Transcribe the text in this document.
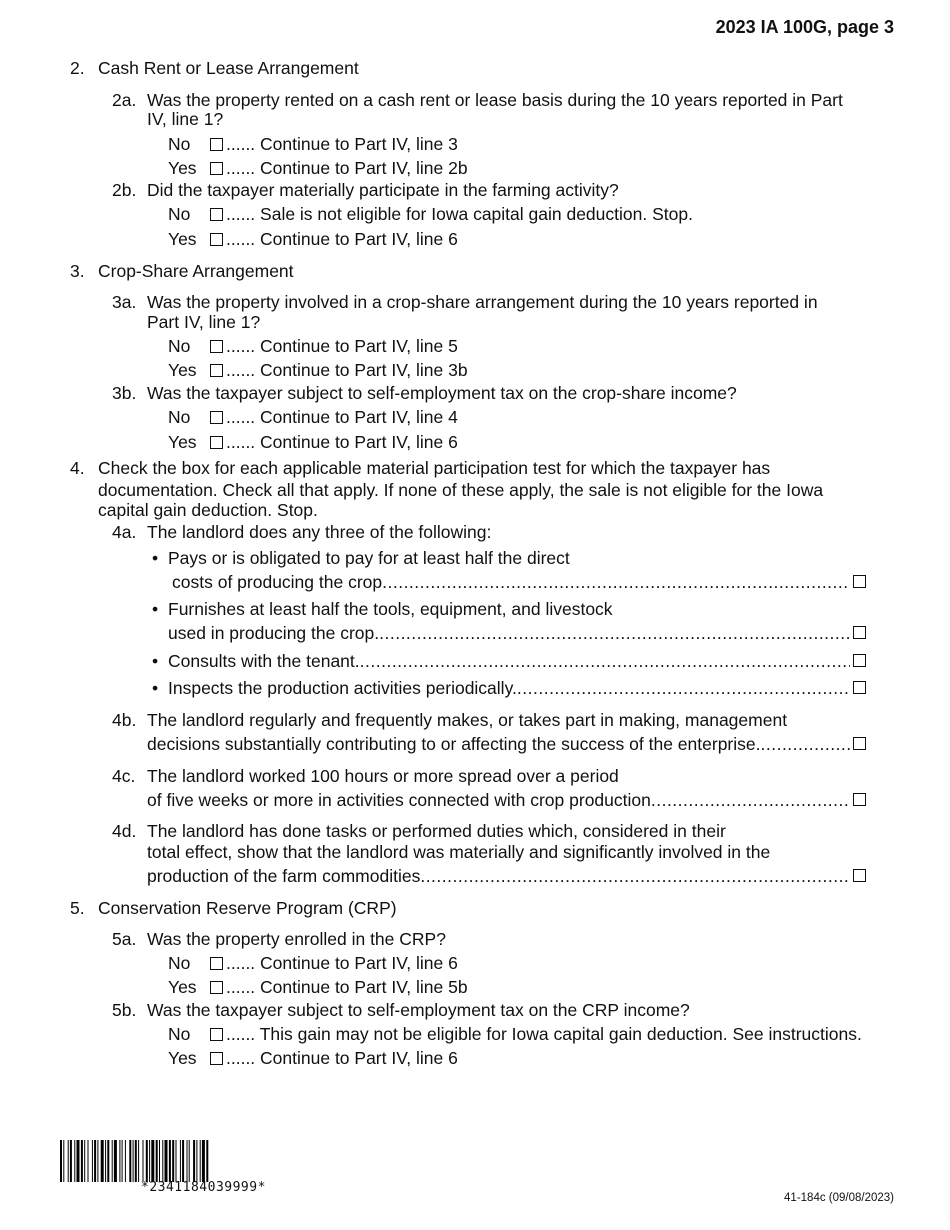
2023 IA 100G, page 3
2. Cash Rent or Lease Arrangement
2a. Was the property rented on a cash rent or lease basis during the 10 years reported in Part
IV, line 1?
No	...... Continue to Part IV, line 3
Yes	...... Continue to Part IV, line 2b
2b. Did the taxpayer materially participate in the farming activity?
No	...... Sale is not eligible for Iowa capital gain deduction. Stop.
Yes	...... Continue to Part IV, line 6
3. Crop-Share Arrangement
3a. Was the property involved in a crop-share arrangement during the 10 years reported in
Part IV, line 1?
No	...... Continue to Part IV, line 5
Yes	...... Continue to Part IV, line 3b
3b. Was the taxpayer subject to self-employment tax on the crop-share income?
No	...... Continue to Part IV, line 4
Yes	...... Continue to Part IV, line 6
4. Check the box for each applicable material participation test for which the taxpayer has
documentation. Check all that apply. If none of these apply, the sale is not eligible for the Iowa
capital gain deduction. Stop.
4a. The landlord does any three of the following:
• Pays or is obligated to pay for at least half the direct
costs of producing the crop
.....
• Furnishes at least half the tools, equipment, and livestock
used in producing the crop.
.....
• Consults with the tenant.
.....
• Inspects the production activities periodically.
.....
4b. The landlord regularly and frequently makes, or takes part in making, management
decisions substantially contributing to or affecting the success of the enterprise.
.....
4c. The landlord worked 100 hours or more spread over a period
of five weeks or more in activities connected with crop production
.....
4d. The landlord has done tasks or performed duties which, considered in their
total effect, show that the landlord was materially and significantly involved in the
production of the farm commodities
.....
5. Conservation Reserve Program (CRP)
5a. Was the property enrolled in the CRP?
No	...... Continue to Part IV, line 6
Yes	...... Continue to Part IV, line 5b
5b. Was the taxpayer subject to self-employment tax on the CRP income?
No	...... This gain may not be eligible for Iowa capital gain deduction. See instructions.
Yes	...... Continue to Part IV, line 6
*2341184039999*
41-184c (09/08/2023)
